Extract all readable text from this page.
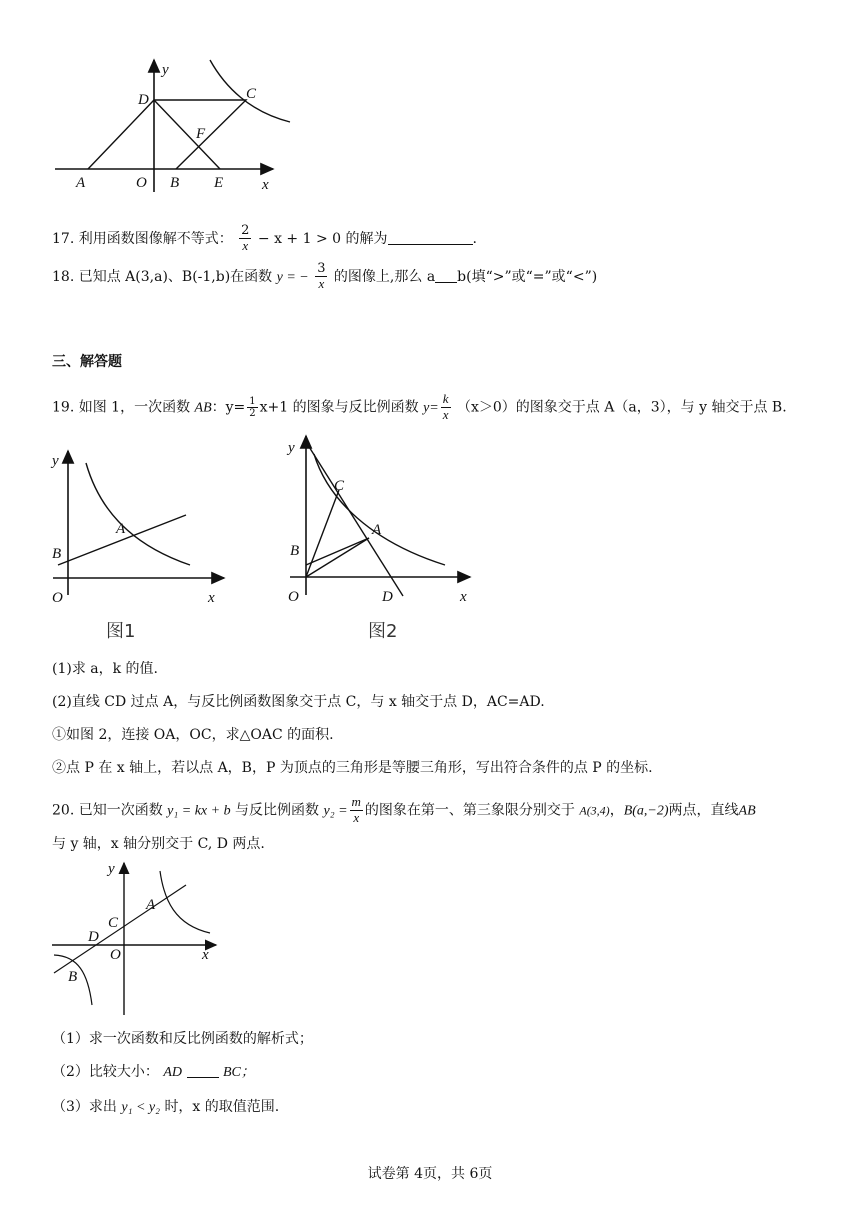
y
x
D	C
F
A	O B E
17. 利用函数图像解不等式： $\frac{2}{x} - x + 1 > 0$ 的解为	.
18. 已知点 A(3,a)、B(-1,b)在函数 y = − $\frac{3}{x}$ 的图像上,那么 a b(填“>”或“=”或“<”)
三、解答题
19. 如图 1，一次函数 AB：$y= \frac{1}{2} x+1$ 的图象与反比例函数 $y= \frac{k}{x} (x>0)$的图象交于点 A（a，3），与 y 轴交于点 B.
y
x
O
B
A
图1
y
x
O
B
C
A
D
图2
(1)求 a，k 的值.
(2)直线 CD 过点 A，与反比例函数图象交于点 C，与 x 轴交于点 D，AC=AD.
①如图 2，连接 OA，OC，求△OAC 的面积.
②点 P 在 x 轴上，若以点 A，B，P 为顶点的三角形是等腰三角形，写出符合条件的点 P 的坐标.
20. 已知一次函数 y₁ = kx + b 与反比例函数 $y_2 = \frac{m}{x}$ 的图象在第一、第三象限分别交于 A(3,4)，B(a,−2)两点，直线AB
与 y 轴，x 轴分别交于 C, D 两点.
y
x
O
A
C
D
B
（1）求一次函数和反比例函数的解析式；
（2）比较大小： AD	BC；
（3）求出 y₁ < y₂ 时，x 的取值范围.
试卷第 4页，共 6页
